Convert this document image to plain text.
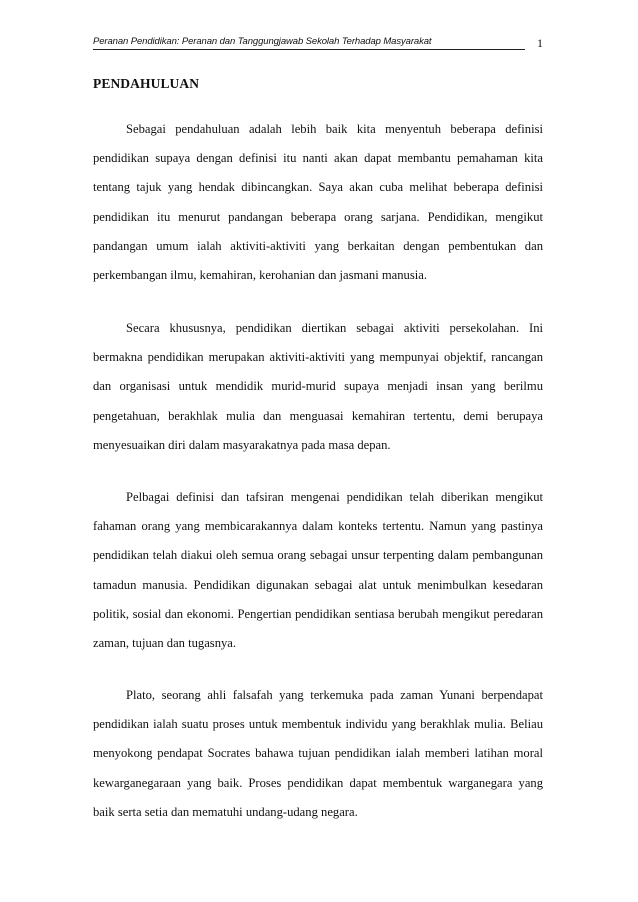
Peranan Pendidikan: Peranan dan Tanggungjawab Sekolah Terhadap Masyarakat	1
PENDAHULUAN

Sebagai pendahuluan adalah lebih baik kita menyentuh beberapa definisi pendidikan supaya dengan definisi itu nanti akan dapat membantu pemahaman kita tentang tajuk yang hendak dibincangkan. Saya akan cuba melihat beberapa definisi pendidikan itu menurut pandangan beberapa orang sarjana. Pendidikan, mengikut pandangan umum ialah aktiviti-aktiviti yang berkaitan dengan pembentukan dan perkembangan ilmu, kemahiran, kerohanian dan jasmani manusia.

Secara khususnya, pendidikan diertikan sebagai aktiviti persekolahan. Ini bermakna pendidikan merupakan aktiviti-aktiviti yang mempunyai objektif, rancangan dan organisasi untuk mendidik murid-murid supaya menjadi insan yang berilmu pengetahuan, berakhlak mulia dan menguasai kemahiran tertentu, demi berupaya menyesuaikan diri dalam masyarakatnya pada masa depan.

Pelbagai definisi dan tafsiran mengenai pendidikan telah diberikan mengikut fahaman orang yang membicarakannya dalam konteks tertentu. Namun yang pastinya pendidikan telah diakui oleh semua orang sebagai unsur terpenting dalam pembangunan tamadun manusia. Pendidikan digunakan sebagai alat untuk menimbulkan kesedaran politik, sosial dan ekonomi. Pengertian pendidikan sentiasa berubah mengikut peredaran zaman, tujuan dan tugasnya.

Plato, seorang ahli falsafah yang terkemuka pada zaman Yunani berpendapat pendidikan ialah suatu proses untuk membentuk individu yang berakhlak mulia. Beliau menyokong pendapat Socrates bahawa tujuan pendidikan ialah memberi latihan moral kewarganegaraan yang baik. Proses pendidikan dapat membentuk warganegara yang baik serta setia dan mematuhi undang-udang negara.
